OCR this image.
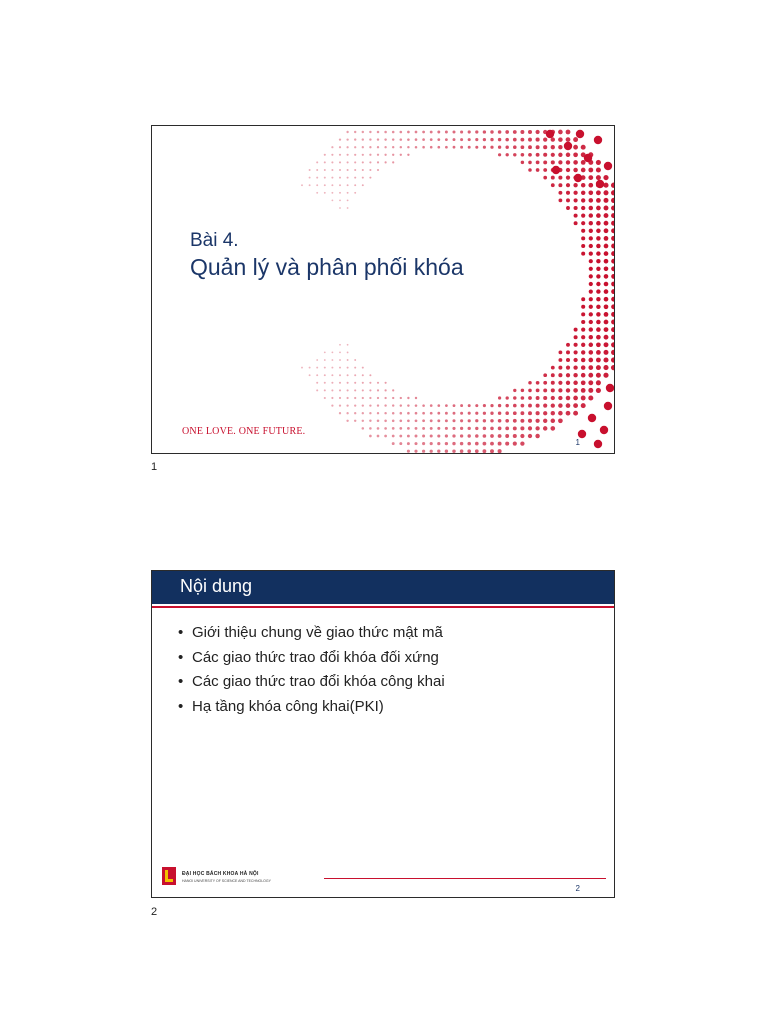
Bài 4.
Quản lý và phân phối khóa
ONE LOVE. ONE FUTURE.
1
1
Nội dung
• Giới thiệu chung về giao thức mật mã
• Các giao thức trao đổi khóa đối xứng
• Các giao thức trao đổi khóa công khai
• Hạ tầng khóa công khai(PKI)
ĐẠI HỌC BÁCH KHOA HÀ NỘI
HANOI UNIVERSITY OF SCIENCE AND TECHNOLOGY
2
2
